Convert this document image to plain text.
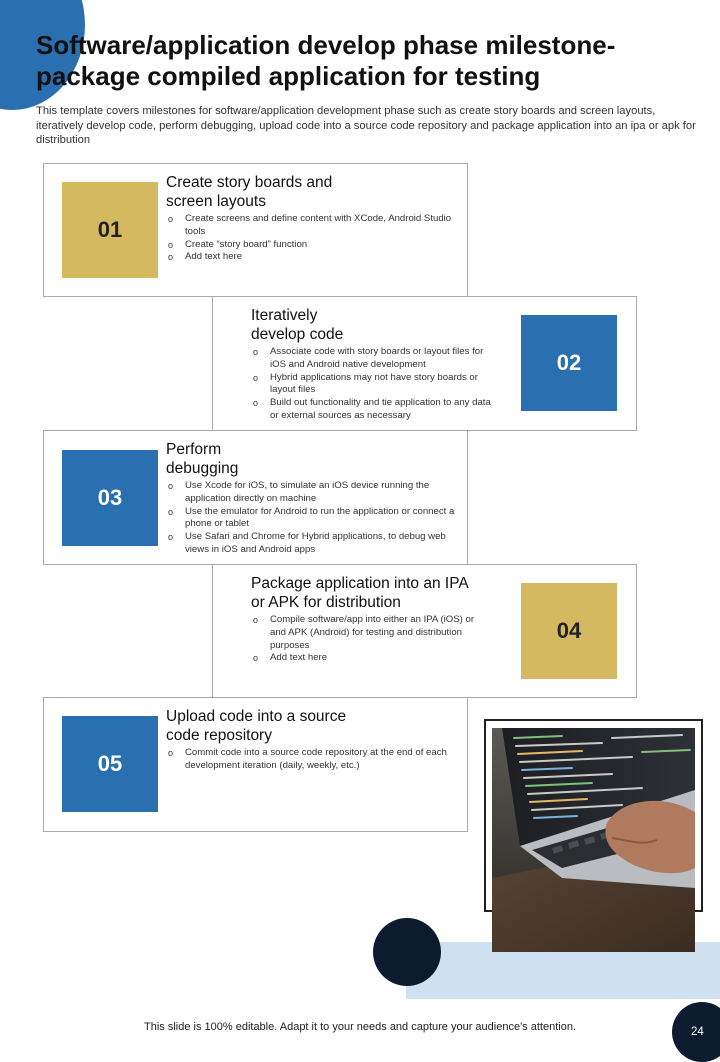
Software/application develop phase milestone-package compiled application for testing

This template covers milestones for software/application development phase such as create story boards and screen layouts, iteratively develop code, perform debugging, upload code into a source code repository and package application into an ipa or apk for distribution

01
Create story boards and
screen layouts
o Create screens and define content with XCode, Android Studio tools
o Create “story board” function
o Add text here
Iteratively
develop code
o Associate code with story boards or layout files for iOS and Android native development
o Hybrid applications may not have story boards or layout files
o Build out functionality and tie application to any data or external sources as necessary
02
03
Perform
debugging
o Use Xcode for iOS, to simulate an iOS device running the application directly on machine
o Use the emulator for Android to run the application or connect a phone or tablet
o Use Safari and Chrome for Hybrid applications, to debug web views in iOS and Android apps
Package application into an IPA
or APK for distribution
o Compile software/app into either an IPA (iOS) or and APK (Android) for testing and distribution purposes
o Add text here
04
05
Upload code into a source
code repository
o Commit code into a source code repository at the end of each development iteration (daily, weekly, etc.)
This slide is 100% editable. Adapt it to your needs and capture your audience's attention.	24
